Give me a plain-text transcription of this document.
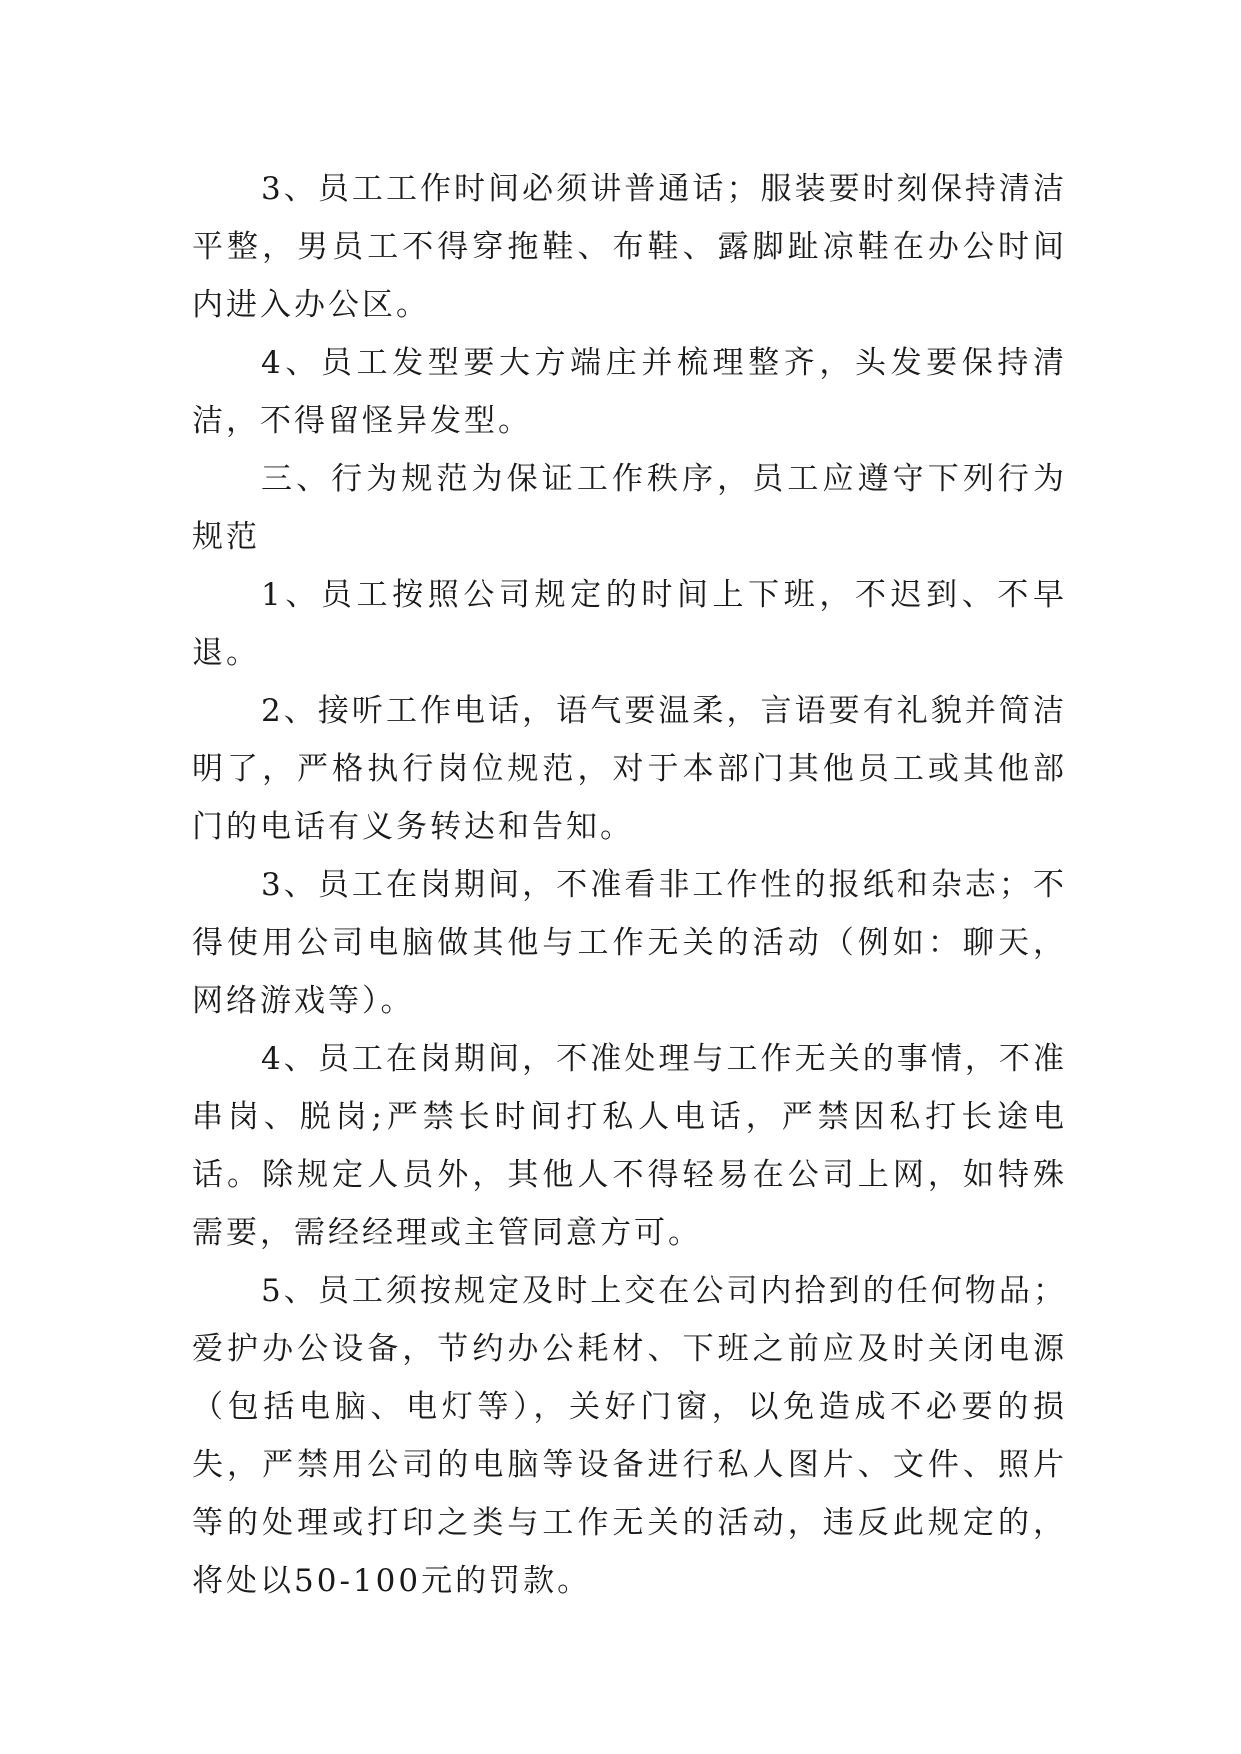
3、员工工作时间必须讲普通话；服装要时刻保持清洁平整，男员工不得穿拖鞋、布鞋、露脚趾凉鞋在办公时间内进入办公区。

4、员工发型要大方端庄并梳理整齐，头发要保持清洁，不得留怪异发型。

三、行为规范为保证工作秩序，员工应遵守下列行为规范

1、员工按照公司规定的时间上下班，不迟到、不早退。

2、接听工作电话，语气要温柔，言语要有礼貌并简洁明了，严格执行岗位规范，对于本部门其他员工或其他部门的电话有义务转达和告知。

3、员工在岗期间，不准看非工作性的报纸和杂志；不得使用公司电脑做其他与工作无关的活动（例如：聊天，网络游戏等）。

4、员工在岗期间，不准处理与工作无关的事情，不准串岗、脱岗;严禁长时间打私人电话，严禁因私打长途电话。除规定人员外，其他人不得轻易在公司上网，如特殊需要，需经经理或主管同意方可。

5、员工须按规定及时上交在公司内拾到的任何物品；爱护办公设备，节约办公耗材、下班之前应及时关闭电源（包括电脑、电灯等），关好门窗，以免造成不必要的损失，严禁用公司的电脑等设备进行私人图片、文件、照片等的处理或打印之类与工作无关的活动，违反此规定的，将处以50-100元的罚款。
